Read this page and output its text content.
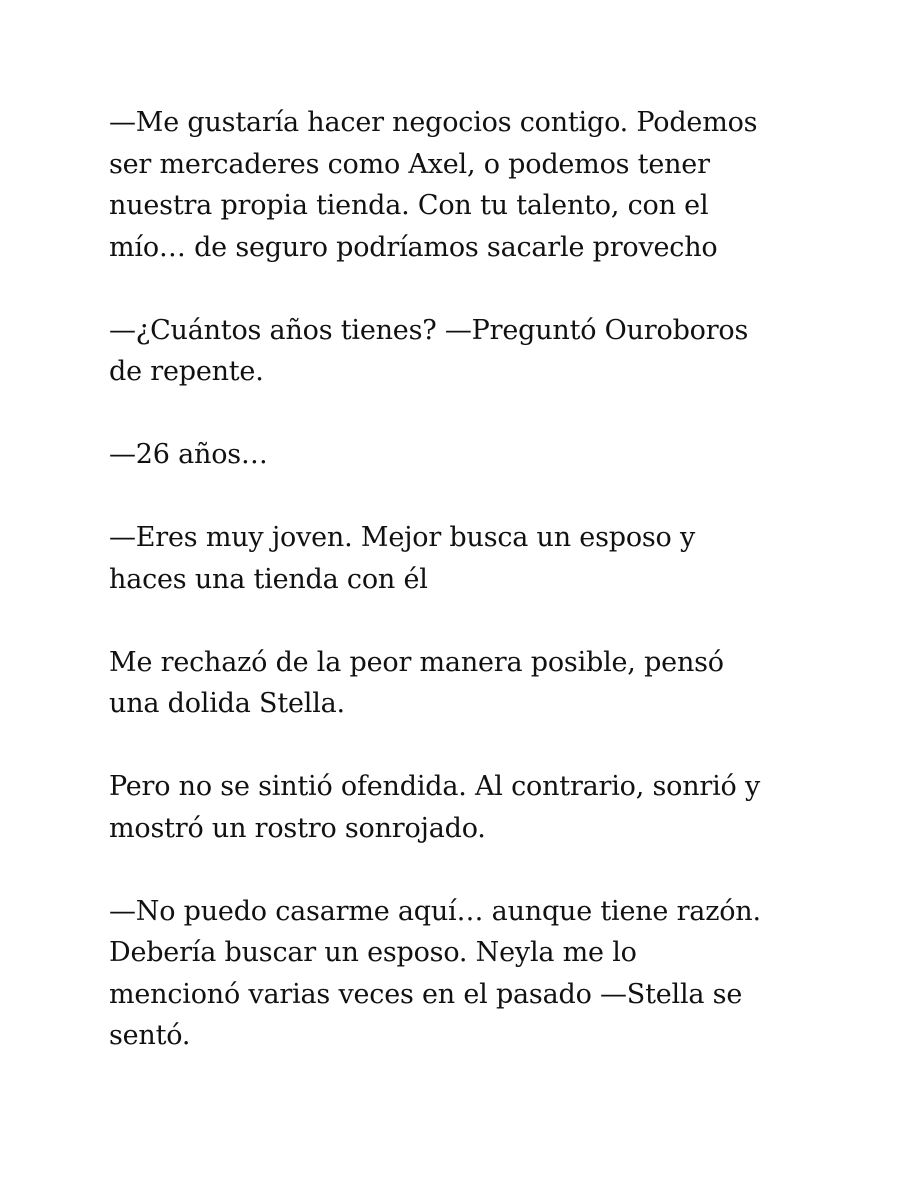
—Me gustaría hacer negocios contigo. Podemos
ser mercaderes como Axel, o podemos tener
nuestra propia tienda. Con tu talento, con el
mío… de seguro podríamos sacarle provecho

—¿Cuántos años tienes? —Preguntó Ouroboros
de repente.

—26 años…

—Eres muy joven. Mejor busca un esposo y
haces una tienda con él

Me rechazó de la peor manera posible, pensó
una dolida Stella.

Pero no se sintió ofendida. Al contrario, sonrió y
mostró un rostro sonrojado.

—No puedo casarme aquí… aunque tiene razón.
Debería buscar un esposo. Neyla me lo
mencionó varias veces en el pasado —Stella se
sentó.
